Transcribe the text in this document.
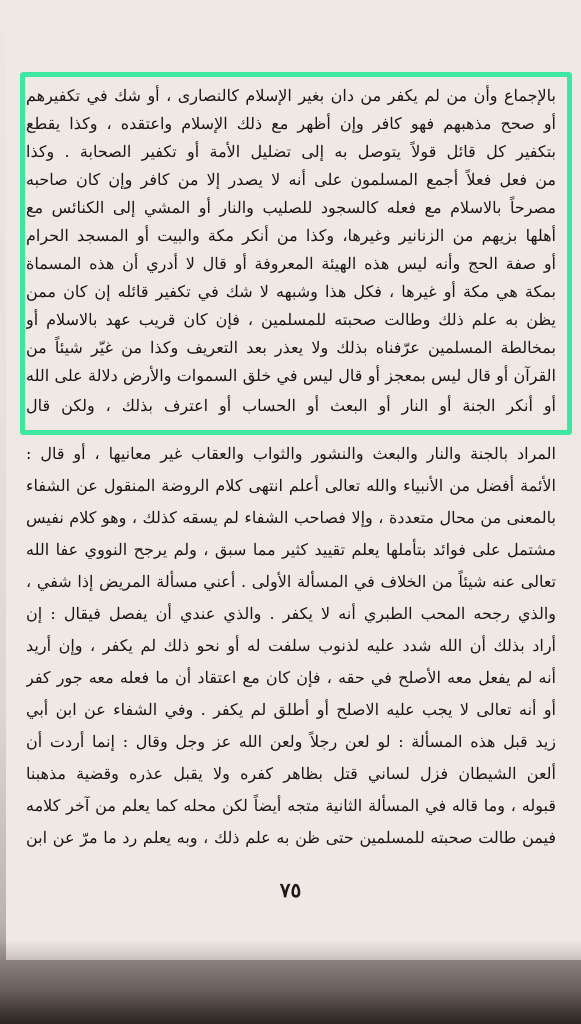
بالإجماع وأن من لم يكفر من دان بغير الإسلام كالنصارى ، أو شك في تكفيرهم
أو صحح مذهبهم فهو كافر وإن أظهر مع ذلك الإسلام واعتقده ، وكذا يقطع
بتكفير كل قائل قولاً يتوصل به إلى تضليل الأمة أو تكفير الصحابة . وكذا
من فعل فعلاً أجمع المسلمون على أنه لا يصدر إلا من كافر وإن كان صاحبه
مصرحاً بالاسلام مع فعله كالسجود للصليب والنار أو المشي إلى الكنائس مع
أهلها بزيهم من الزنانير وغيرها، وكذا من أنكر مكة والبيت أو المسجد الحرام
أو صفة الحج وأنه ليس هذه الهيئة المعروفة أو قال لا أدري أن هذه المسماة
بمكة هي مكة أو غيرها ، فكل هذا وشبهه لا شك في تكفير قائله إن كان ممن
يظن به علم ذلك وطالت صحبته للمسلمين ، فإن كان قريب عهد بالاسلام أو
بمخالطة المسلمين عرّفناه بذلك ولا يعذر بعد التعريف وكذا من غيّر شيئاً من
القرآن أو قال ليس بمعجز أو قال ليس في خلق السموات والأرض دلالة على الله
أو أنكر الجنة أو النار أو البعث أو الحساب أو اعترف بذلك ، ولكن قال
المراد بالجنة والنار والبعث والنشور والثواب والعقاب غير معانيها ، أو قال :
الأئمة أفضل من الأنبياء والله تعالى أعلم انتهى كلام الروضة المنقول عن الشفاء
بالمعنى من محال متعددة ، وإلا فصاحب الشفاء لم يسقه كذلك ، وهو كلام نفيس
مشتمل على فوائد بتأملها يعلم تقييد كثير مما سبق ، ولم يرجح النووي عفا الله
تعالى عنه شيئاً من الخلاف في المسألة الأولى . أعني مسألة المريض إذا شفي ،
والذي رجحه المحب الطبري أنه لا يكفر . والذي عندي أن يفصل فيقال : إن
أراد بذلك أن الله شدد عليه لذنوب سلفت له أو نحو ذلك لم يكفر ، وإن أريد
أنه لم يفعل معه الأصلح في حقه ، فإن كان مع اعتقاد أن ما فعله معه جور كفر
أو أنه تعالى لا يجب عليه الاصلح أو أطلق لم يكفر . وفي الشفاء عن ابن أبي
زيد قبل هذه المسألة : لو لعن رجلاً ولعن الله عز وجل وقال : إنما أردت أن
ألعن الشيطان فزل لساني قتل بظاهر كفره ولا يقبل عذره وقضية مذهبنا
قبوله ، وما قاله في المسألة الثانية متجه أيضاً لكن محله كما يعلم من آخر كلامه
فيمن طالت صحبته للمسلمين حتى ظن به علم ذلك ، وبه يعلم رد ما مرّ عن ابن
٧٥
